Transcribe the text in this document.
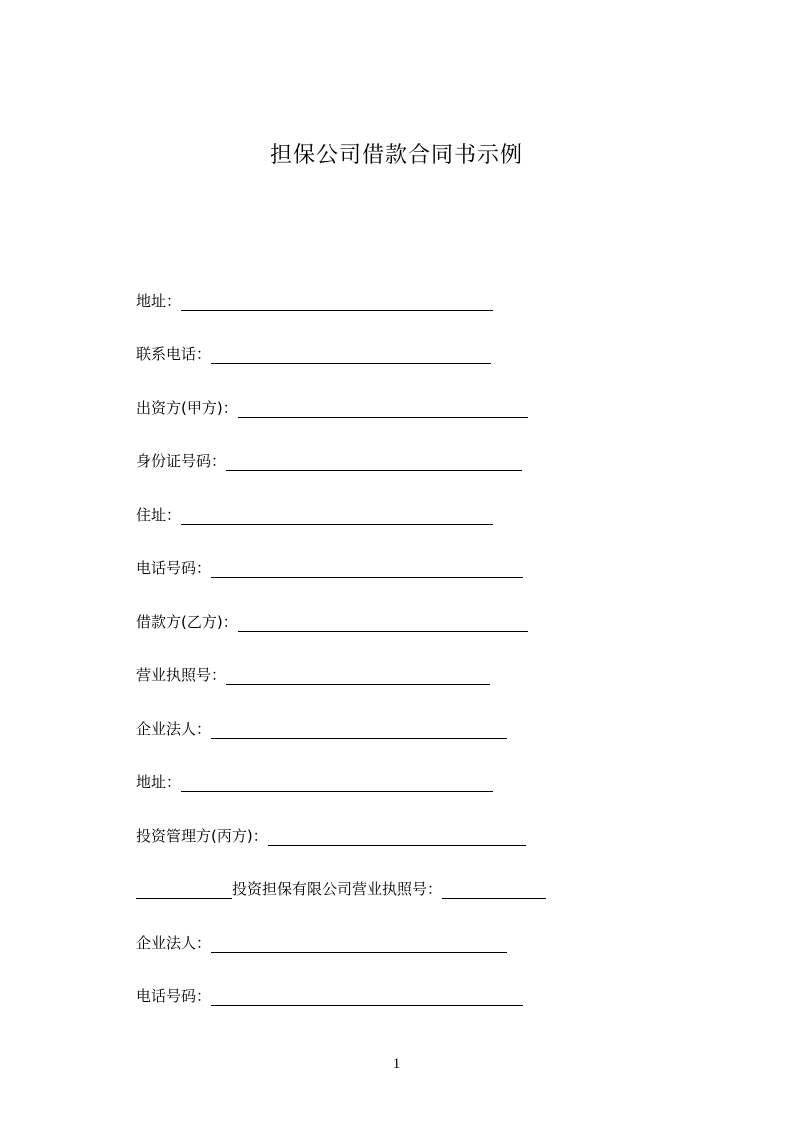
担保公司借款合同书示例
地址：
联系电话：
出资方(甲方)：
身份证号码：
住址：
电话号码：
借款方(乙方)：
营业执照号：
企业法人：
地址：
投资管理方(丙方)：
投资担保有限公司营业执照号：
企业法人：
电话号码：
1
